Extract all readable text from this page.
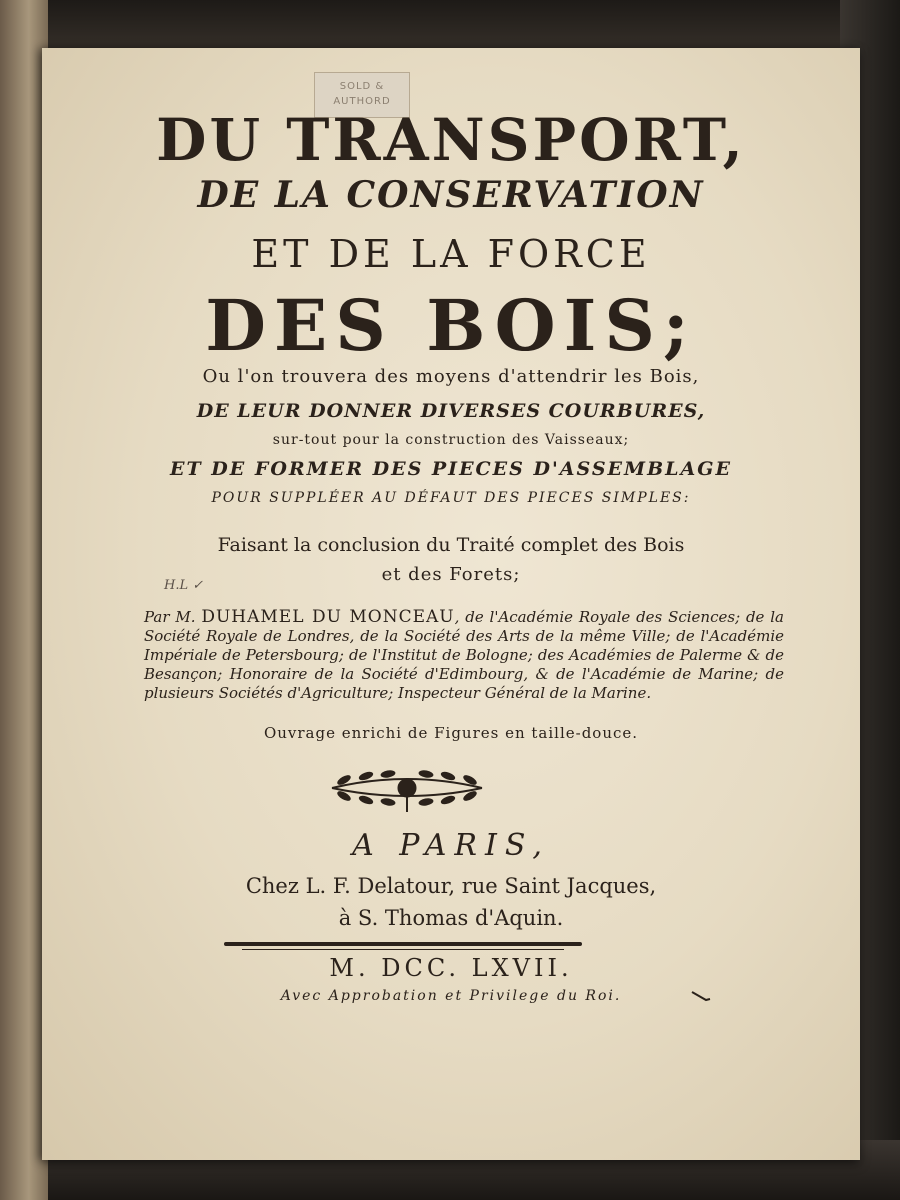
SOLD &
AUTHORD
DU TRANSPORT,
DE LA CONSERVATION
ET DE LA FORCE
DES BOIS;
Ou l'on trouvera des moyens d'attendrir les Bois,
DE LEUR DONNER DIVERSES COURBURES,
sur-tout pour la construction des Vaisseaux;
ET DE FORMER DES PIECES D'ASSEMBLAGE
POUR SUPPLÉER AU DÉFAUT DES PIECES SIMPLES:
Faisant la conclusion du Traité complet des Bois
et des Forets;
H.L ✓
Par M. DUHAMEL DU MONCEAU, de l'Académie Royale des Sciences; de la Société Royale de Londres, de la Société des Arts de la même Ville; de l'Académie Impériale de Petersbourg; de l'Institut de Bologne; des Académies de Palerme & de Besançon; Honoraire de la Société d'Edimbourg, & de l'Académie de Marine; de plusieurs Sociétés d'Agriculture; Inspecteur Général de la Marine.
Ouvrage enrichi de Figures en taille-douce.
A PARIS,
Chez L. F. Delatour, rue Saint Jacques,
à S. Thomas d'Aquin.
M. DCC. LXVII.
Avec Approbation et Privilege du Roi.
